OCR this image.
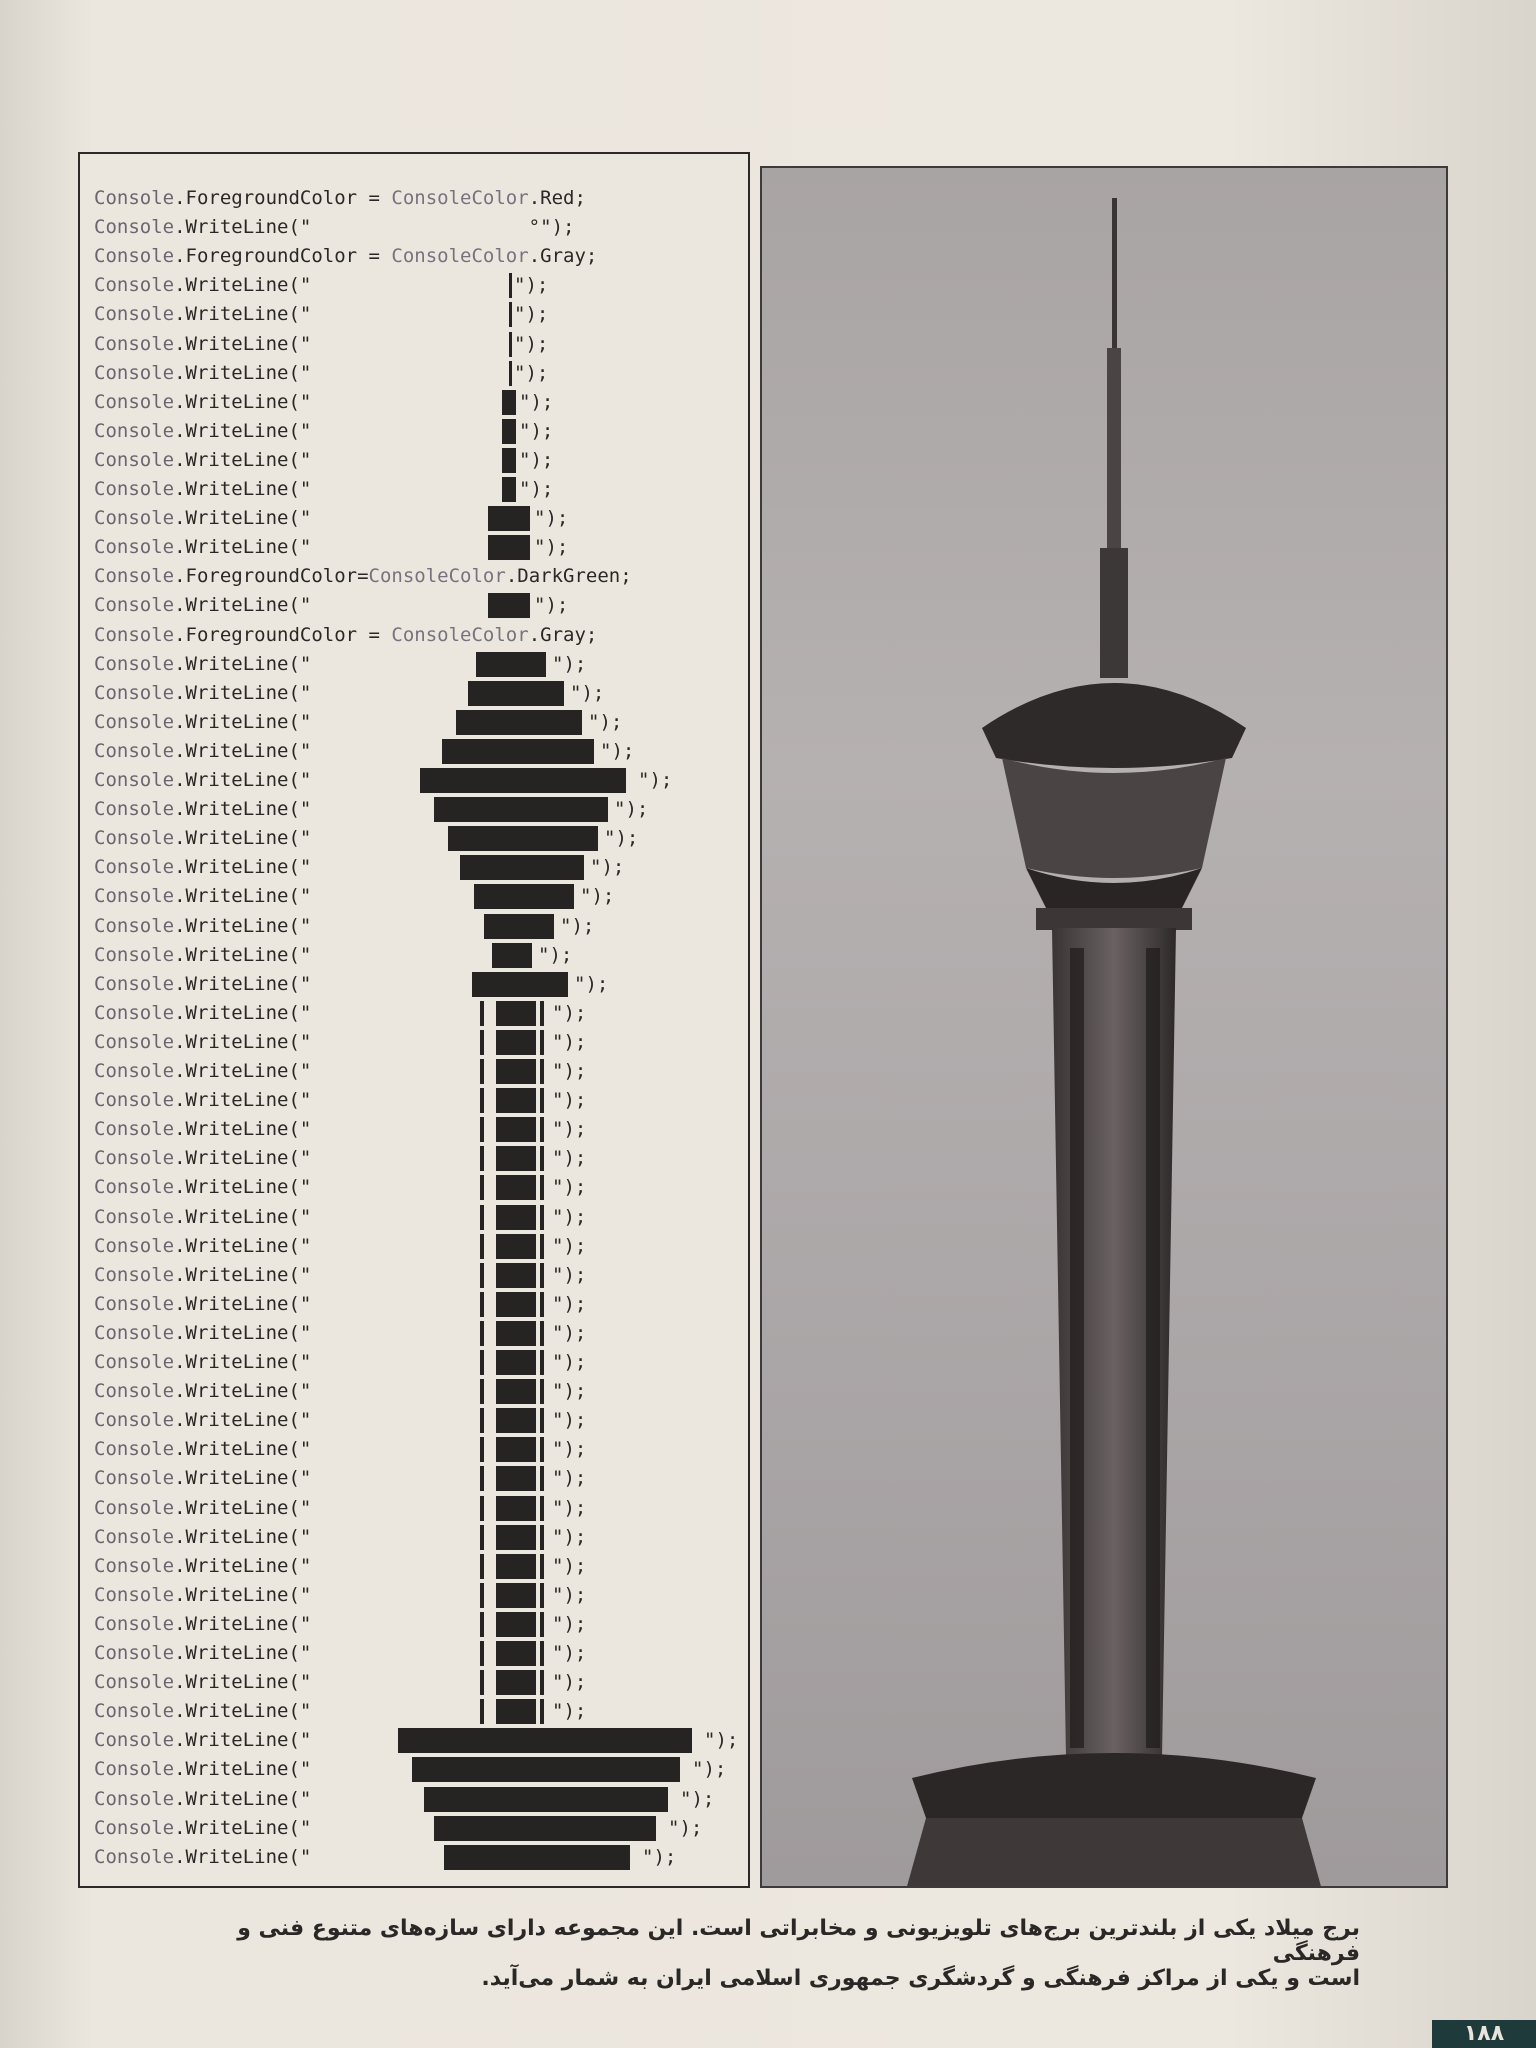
Console.ForegroundColor = ConsoleColor.Red;
Console.WriteLine("                   °");
Console.ForegroundColor = ConsoleColor.Gray;
Console.WriteLine("	");
Console.WriteLine("	");
Console.WriteLine("	");
Console.WriteLine("	");
Console.WriteLine("	");
Console.WriteLine("	");
Console.WriteLine("	");
Console.WriteLine("	");
Console.WriteLine("	");
Console.WriteLine("	");
Console.ForegroundColor=ConsoleColor.DarkGreen;
Console.WriteLine("	");
Console.ForegroundColor = ConsoleColor.Gray;
Console.WriteLine("	");
Console.WriteLine("	");
Console.WriteLine("	");
Console.WriteLine("	");
Console.WriteLine("	");
Console.WriteLine("	");
Console.WriteLine("	");
Console.WriteLine("	");
Console.WriteLine("	");
Console.WriteLine("	");
Console.WriteLine("	");
Console.WriteLine("	");
Console.WriteLine("	");
Console.WriteLine("	");
Console.WriteLine("	");
Console.WriteLine("	");
Console.WriteLine("	");
Console.WriteLine("	");
Console.WriteLine("	");
Console.WriteLine("	");
Console.WriteLine("	");
Console.WriteLine("	");
Console.WriteLine("	");
Console.WriteLine("	");
Console.WriteLine("	");
Console.WriteLine("	");
Console.WriteLine("	");
Console.WriteLine("	");
Console.WriteLine("	");
Console.WriteLine("	");
Console.WriteLine("	");
Console.WriteLine("	");
Console.WriteLine("	");
Console.WriteLine("	");
Console.WriteLine("	");
Console.WriteLine("	");
Console.WriteLine("	");
Console.WriteLine("	");
Console.WriteLine("	");
Console.WriteLine("	");
Console.WriteLine("	");
Console.WriteLine("	");
برج میلاد یکی از بلندترین برج‌های تلویزیونی و مخابراتی است. این مجموعه دارای سازه‌های متنوع فنی و فرهنگی
است و یکی از مراکز فرهنگی و گردشگری جمهوری اسلامی ایران به شمار می‌آید.
۱۸۸
